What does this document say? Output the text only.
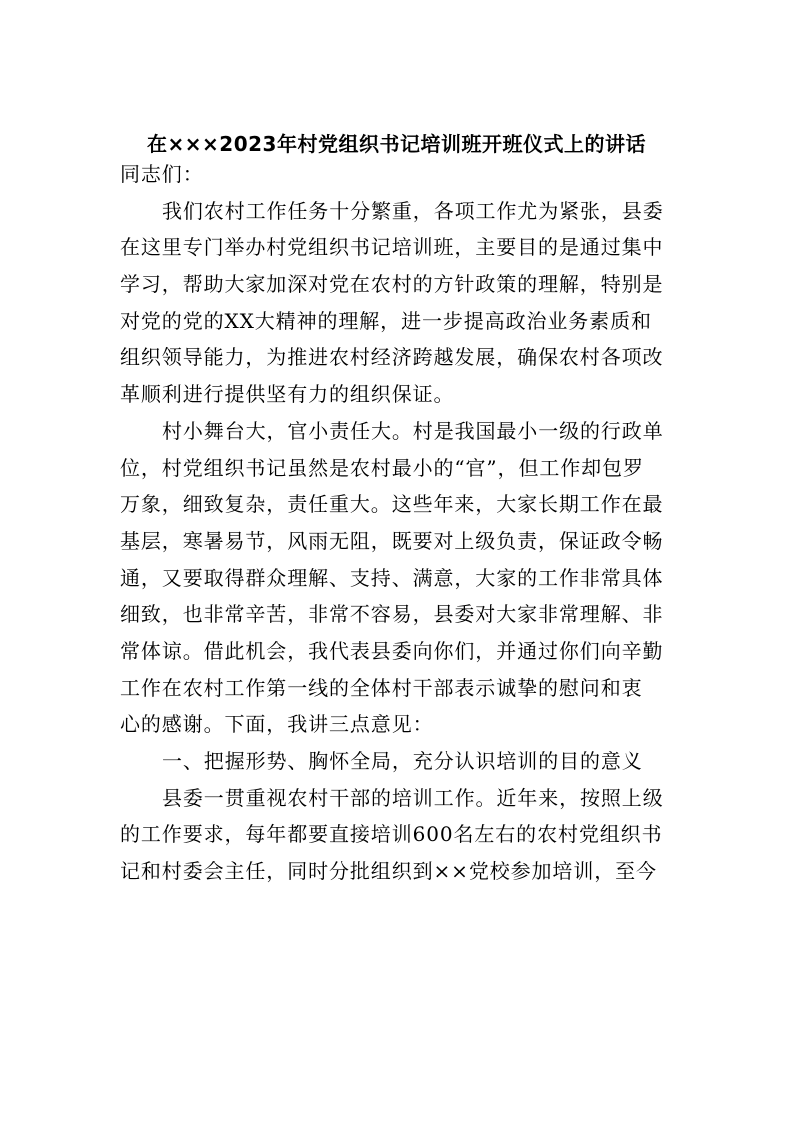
在×××2023年村党组织书记培训班开班仪式上的讲话
同志们：
我们农村工作任务十分繁重，各项工作尤为紧张，县委
在这里专门举办村党组织书记培训班，主要目的是通过集中
学习，帮助大家加深对党在农村的方针政策的理解，特别是
对党的党的XX大精神的理解，进一步提高政治业务素质和
组织领导能力，为推进农村经济跨越发展，确保农村各项改
革顺利进行提供坚有力的组织保证。
村小舞台大，官小责任大。村是我国最小一级的行政单
位，村党组织书记虽然是农村最小的“官”，但工作却包罗
万象，细致复杂，责任重大。这些年来，大家长期工作在最
基层，寒暑易节，风雨无阻，既要对上级负责，保证政令畅
通，又要取得群众理解、支持、满意，大家的工作非常具体
细致，也非常辛苦，非常不容易，县委对大家非常理解、非
常体谅。借此机会，我代表县委向你们，并通过你们向辛勤
工作在农村工作第一线的全体村干部表示诚挚的慰问和衷
心的感谢。下面，我讲三点意见：
一、把握形势、胸怀全局，充分认识培训的目的意义
县委一贯重视农村干部的培训工作。近年来，按照上级
的工作要求，每年都要直接培训600名左右的农村党组织书
记和村委会主任，同时分批组织到××党校参加培训，至今
